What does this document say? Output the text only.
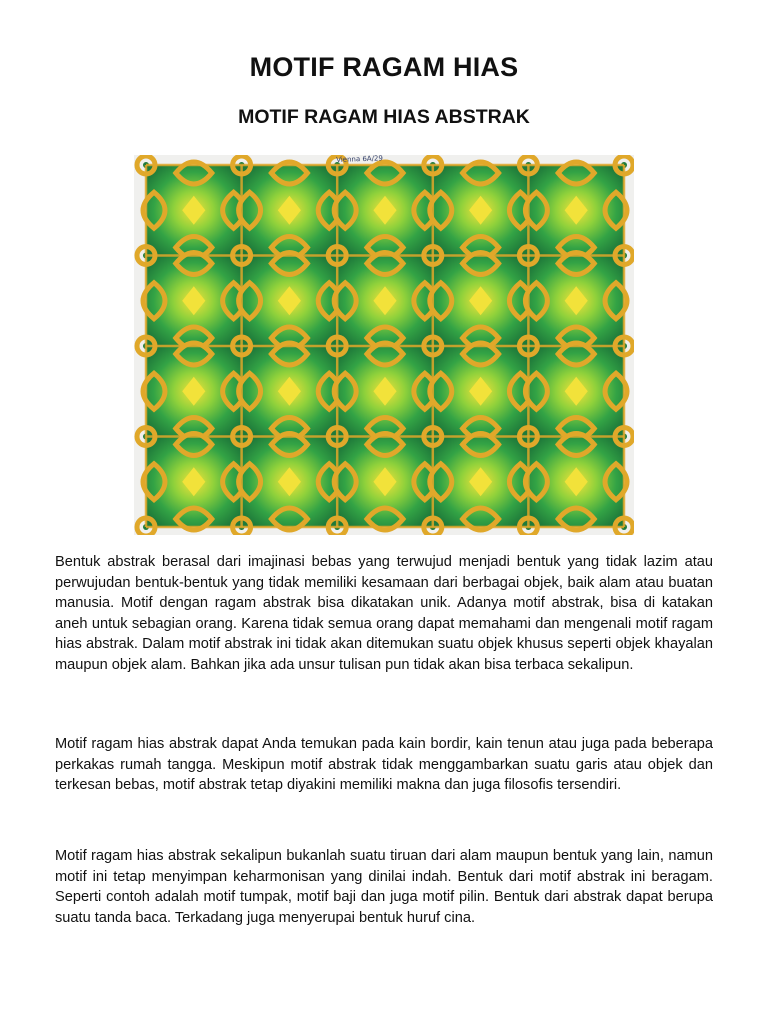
MOTIF RAGAM HIAS
MOTIF RAGAM HIAS ABSTRAK
Vienna 6A/29

Bentuk abstrak berasal dari imajinasi bebas yang terwujud menjadi bentuk yang tidak lazim atau perwujudan bentuk-bentuk yang tidak memiliki kesamaan dari berbagai objek, baik alam atau buatan manusia. Motif dengan ragam abstrak bisa dikatakan unik. Adanya motif abstrak, bisa di katakan aneh untuk sebagian orang. Karena tidak semua orang dapat memahami dan mengenali motif ragam hias abstrak. Dalam motif abstrak ini tidak akan ditemukan suatu objek khusus seperti objek khayalan maupun objek alam. Bahkan jika ada unsur tulisan pun tidak akan bisa terbaca sekalipun.

Motif ragam hias abstrak dapat Anda temukan pada kain bordir, kain tenun atau juga pada beberapa perkakas rumah tangga. Meskipun motif abstrak tidak menggambarkan suatu garis atau objek dan terkesan bebas, motif abstrak tetap diyakini memiliki makna dan juga filosofis tersendiri.

Motif ragam hias abstrak sekalipun bukanlah suatu tiruan dari alam maupun bentuk yang lain, namun motif ini tetap menyimpan keharmonisan yang dinilai indah. Bentuk dari motif abstrak ini beragam. Seperti contoh adalah motif tumpak, motif baji dan juga motif pilin. Bentuk dari abstrak dapat berupa suatu tanda baca. Terkadang juga menyerupai bentuk huruf cina.
